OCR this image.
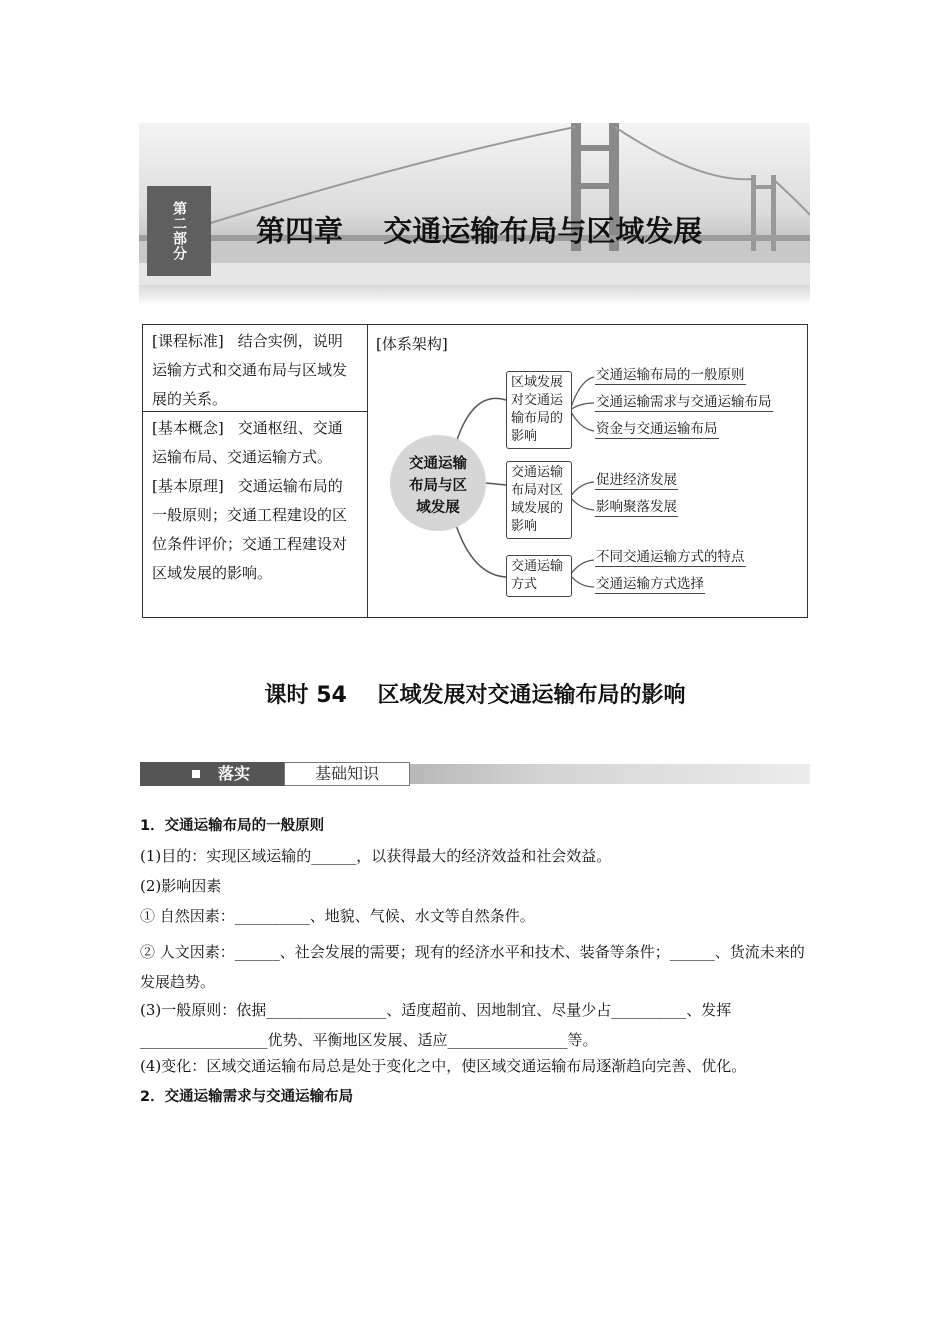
第二部分	第四章    交通运输布局与区域发展
[课程标准] 结合实例，说明运输方式和交通布局与区域发展的关系。
[基本概念] 交通枢纽、交通运输布局、交通运输方式。
[基本原理] 交通运输布局的一般原则；交通工程建设的区位条件评价；交通工程建设对区域发展的影响。
[体系架构]
交通运输
布局与区
域发展
区域发展
对交通运
输布局的
影响
交通运输布局的一般原则
交通运输需求与交通运输布局
资金与交通运输布局
交通运输
布局对区
域发展的
影响
促进经济发展
影响聚落发展
交通运输
方式
不同交通运输方式的特点
交通运输方式选择
课时 54    区域发展对交通运输布局的影响
落实	基础知识
1．交通运输布局的一般原则
(1)目的：实现区域运输的______，以获得最大的经济效益和社会效益。
(2)影响因素
① 自然因素：__________、地貌、气候、水文等自然条件。
② 人文因素：______、社会发展的需要；现有的经济水平和技术、装备等条件；______、货流未来的发展趋势。
(3)一般原则：依据________________、适度超前、因地制宜、尽量少占__________、发挥_________________优势、平衡地区发展、适应________________等。
(4)变化：区域交通运输布局总是处于变化之中，使区域交通运输布局逐渐趋向完善、优化。
2．交通运输需求与交通运输布局
